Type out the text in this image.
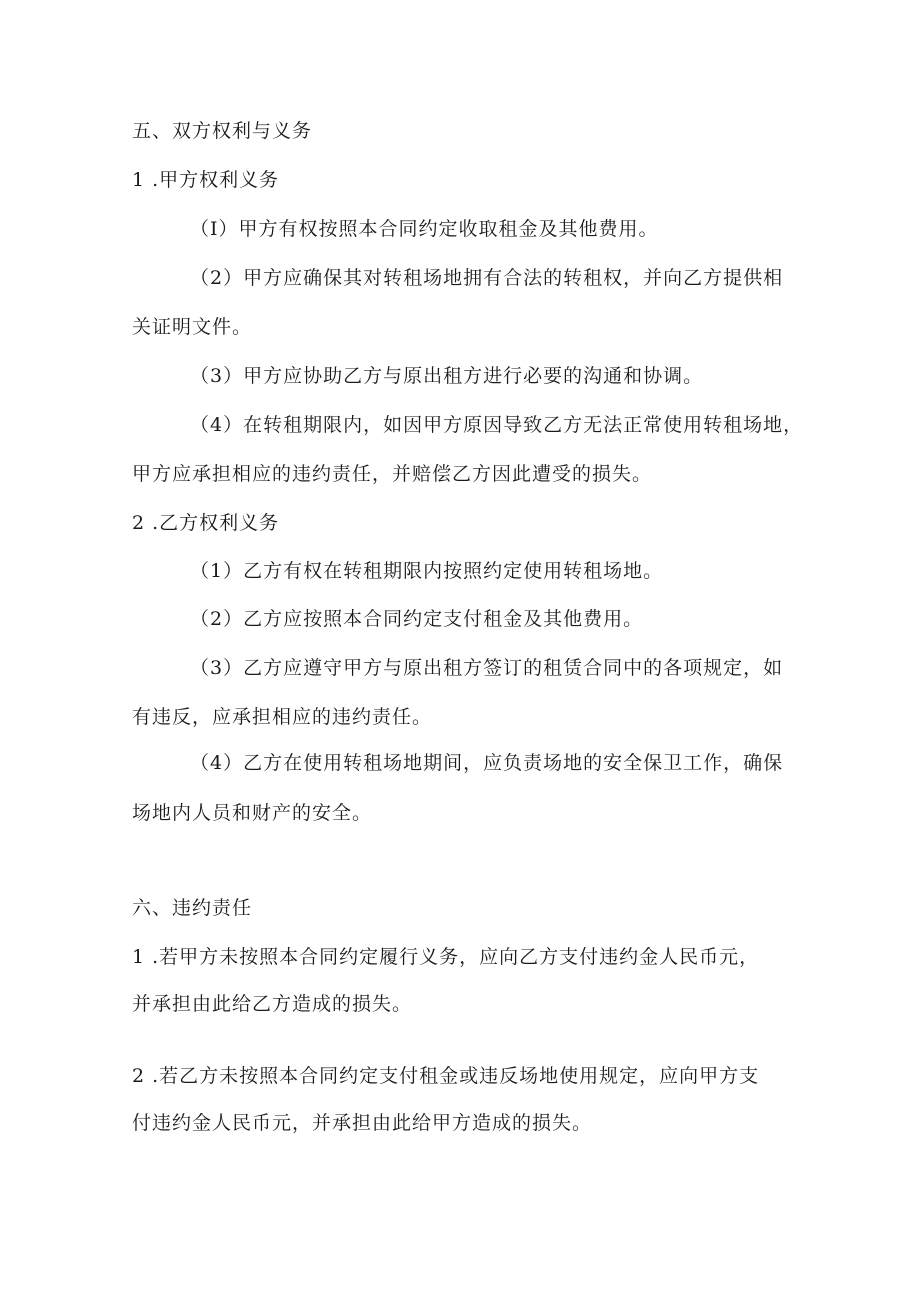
五、双方权利与义务
1 .甲方权利义务
（I）甲方有权按照本合同约定收取租金及其他费用。
（2）甲方应确保其对转租场地拥有合法的转租权，并向乙方提供相
关证明文件。
（3）甲方应协助乙方与原出租方进行必要的沟通和协调。
（4）在转租期限内，如因甲方原因导致乙方无法正常使用转租场地，
甲方应承担相应的违约责任，并赔偿乙方因此遭受的损失。
2 .乙方权利义务
（1）乙方有权在转租期限内按照约定使用转租场地。
（2）乙方应按照本合同约定支付租金及其他费用。
（3）乙方应遵守甲方与原出租方签订的租赁合同中的各项规定，如
有违反，应承担相应的违约责任。
（4）乙方在使用转租场地期间，应负责场地的安全保卫工作，确保
场地内人员和财产的安全。
六、违约责任
1 .若甲方未按照本合同约定履行义务，应向乙方支付违约金人民币元，
并承担由此给乙方造成的损失。
2 .若乙方未按照本合同约定支付租金或违反场地使用规定，应向甲方支
付违约金人民币元，并承担由此给甲方造成的损失。
